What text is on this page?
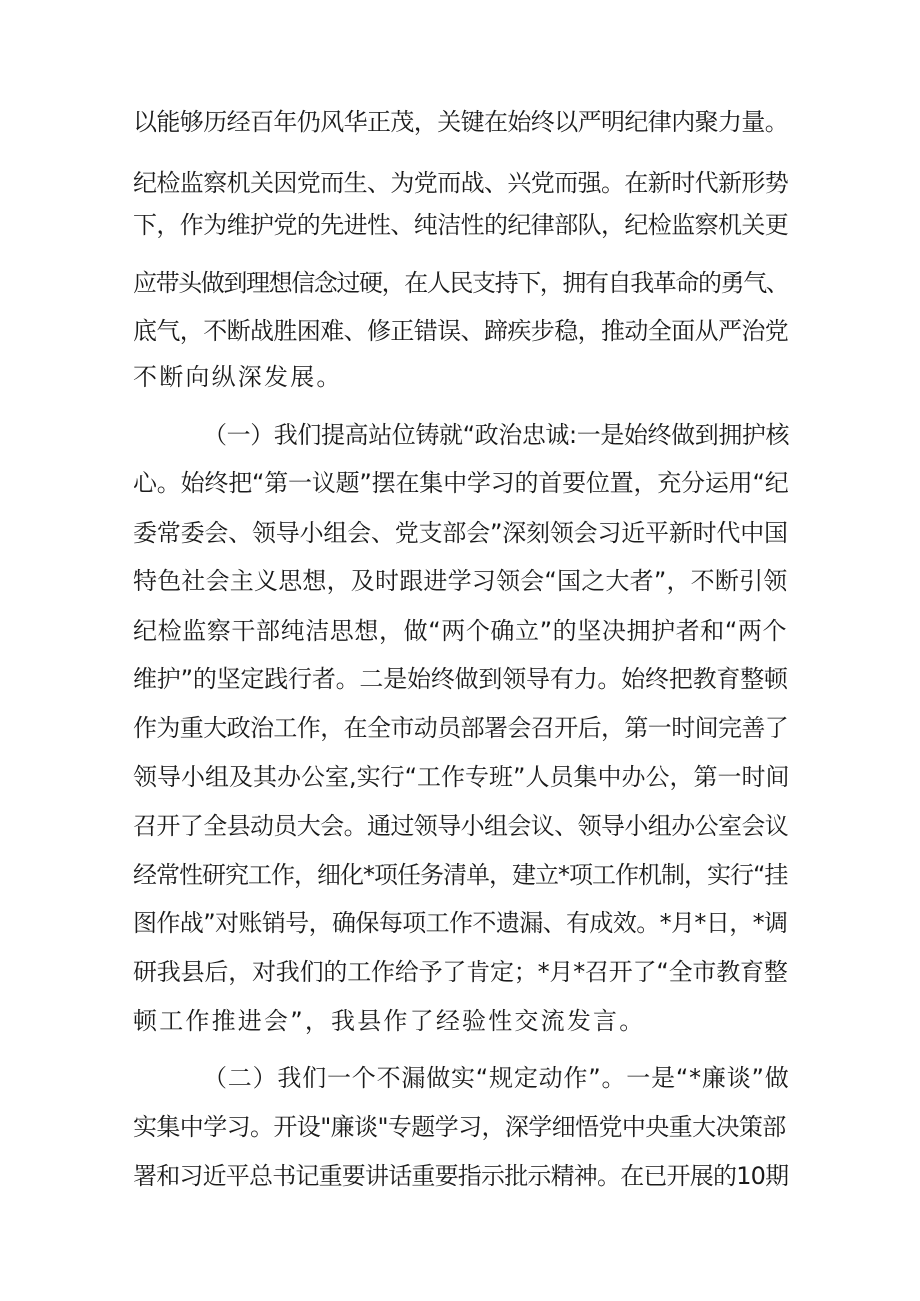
以能够历经百年仍风华正茂，关键在始终以严明纪律内聚力量。
纪检监察机关因党而生、为党而战、兴党而强。在新时代新形势
下，作为维护党的先进性、纯洁性的纪律部队，纪检监察机关更
应带头做到理想信念过硬，在人民支持下，拥有自我革命的勇气、
底气，不断战胜困难、修正错误、蹄疾步稳，推动全面从严治党
不断向纵深发展。
（一）我们提高站位铸就“政治忠诚:一是始终做到拥护核
心。始终把“第一议题”摆在集中学习的首要位置，充分运用“纪
委常委会、领导小组会、党支部会”深刻领会习近平新时代中国
特色社会主义思想，及时跟进学习领会“国之大者”，不断引领
纪检监察干部纯洁思想，做“两个确立”的坚决拥护者和“两个
维护”的坚定践行者。二是始终做到领导有力。始终把教育整顿
作为重大政治工作，在全市动员部署会召开后，第一时间完善了
领导小组及其办公室,实行“工作专班”人员集中办公，第一时间
召开了全县动员大会。通过领导小组会议、领导小组办公室会议
经常性研究工作，细化*项任务清单，建立*项工作机制，实行“挂
图作战”对账销号，确保每项工作不遗漏、有成效。*月*日，*调
研我县后，对我们的工作给予了肯定；*月*召开了“全市教育整
顿工作推进会”，我县作了经验性交流发言。
（二）我们一个不漏做实“规定动作”。一是“*廉谈”做
实集中学习。开设"廉谈"专题学习，深学细悟党中央重大决策部
署和习近平总书记重要讲话重要指示批示精神。在已开展的10期
